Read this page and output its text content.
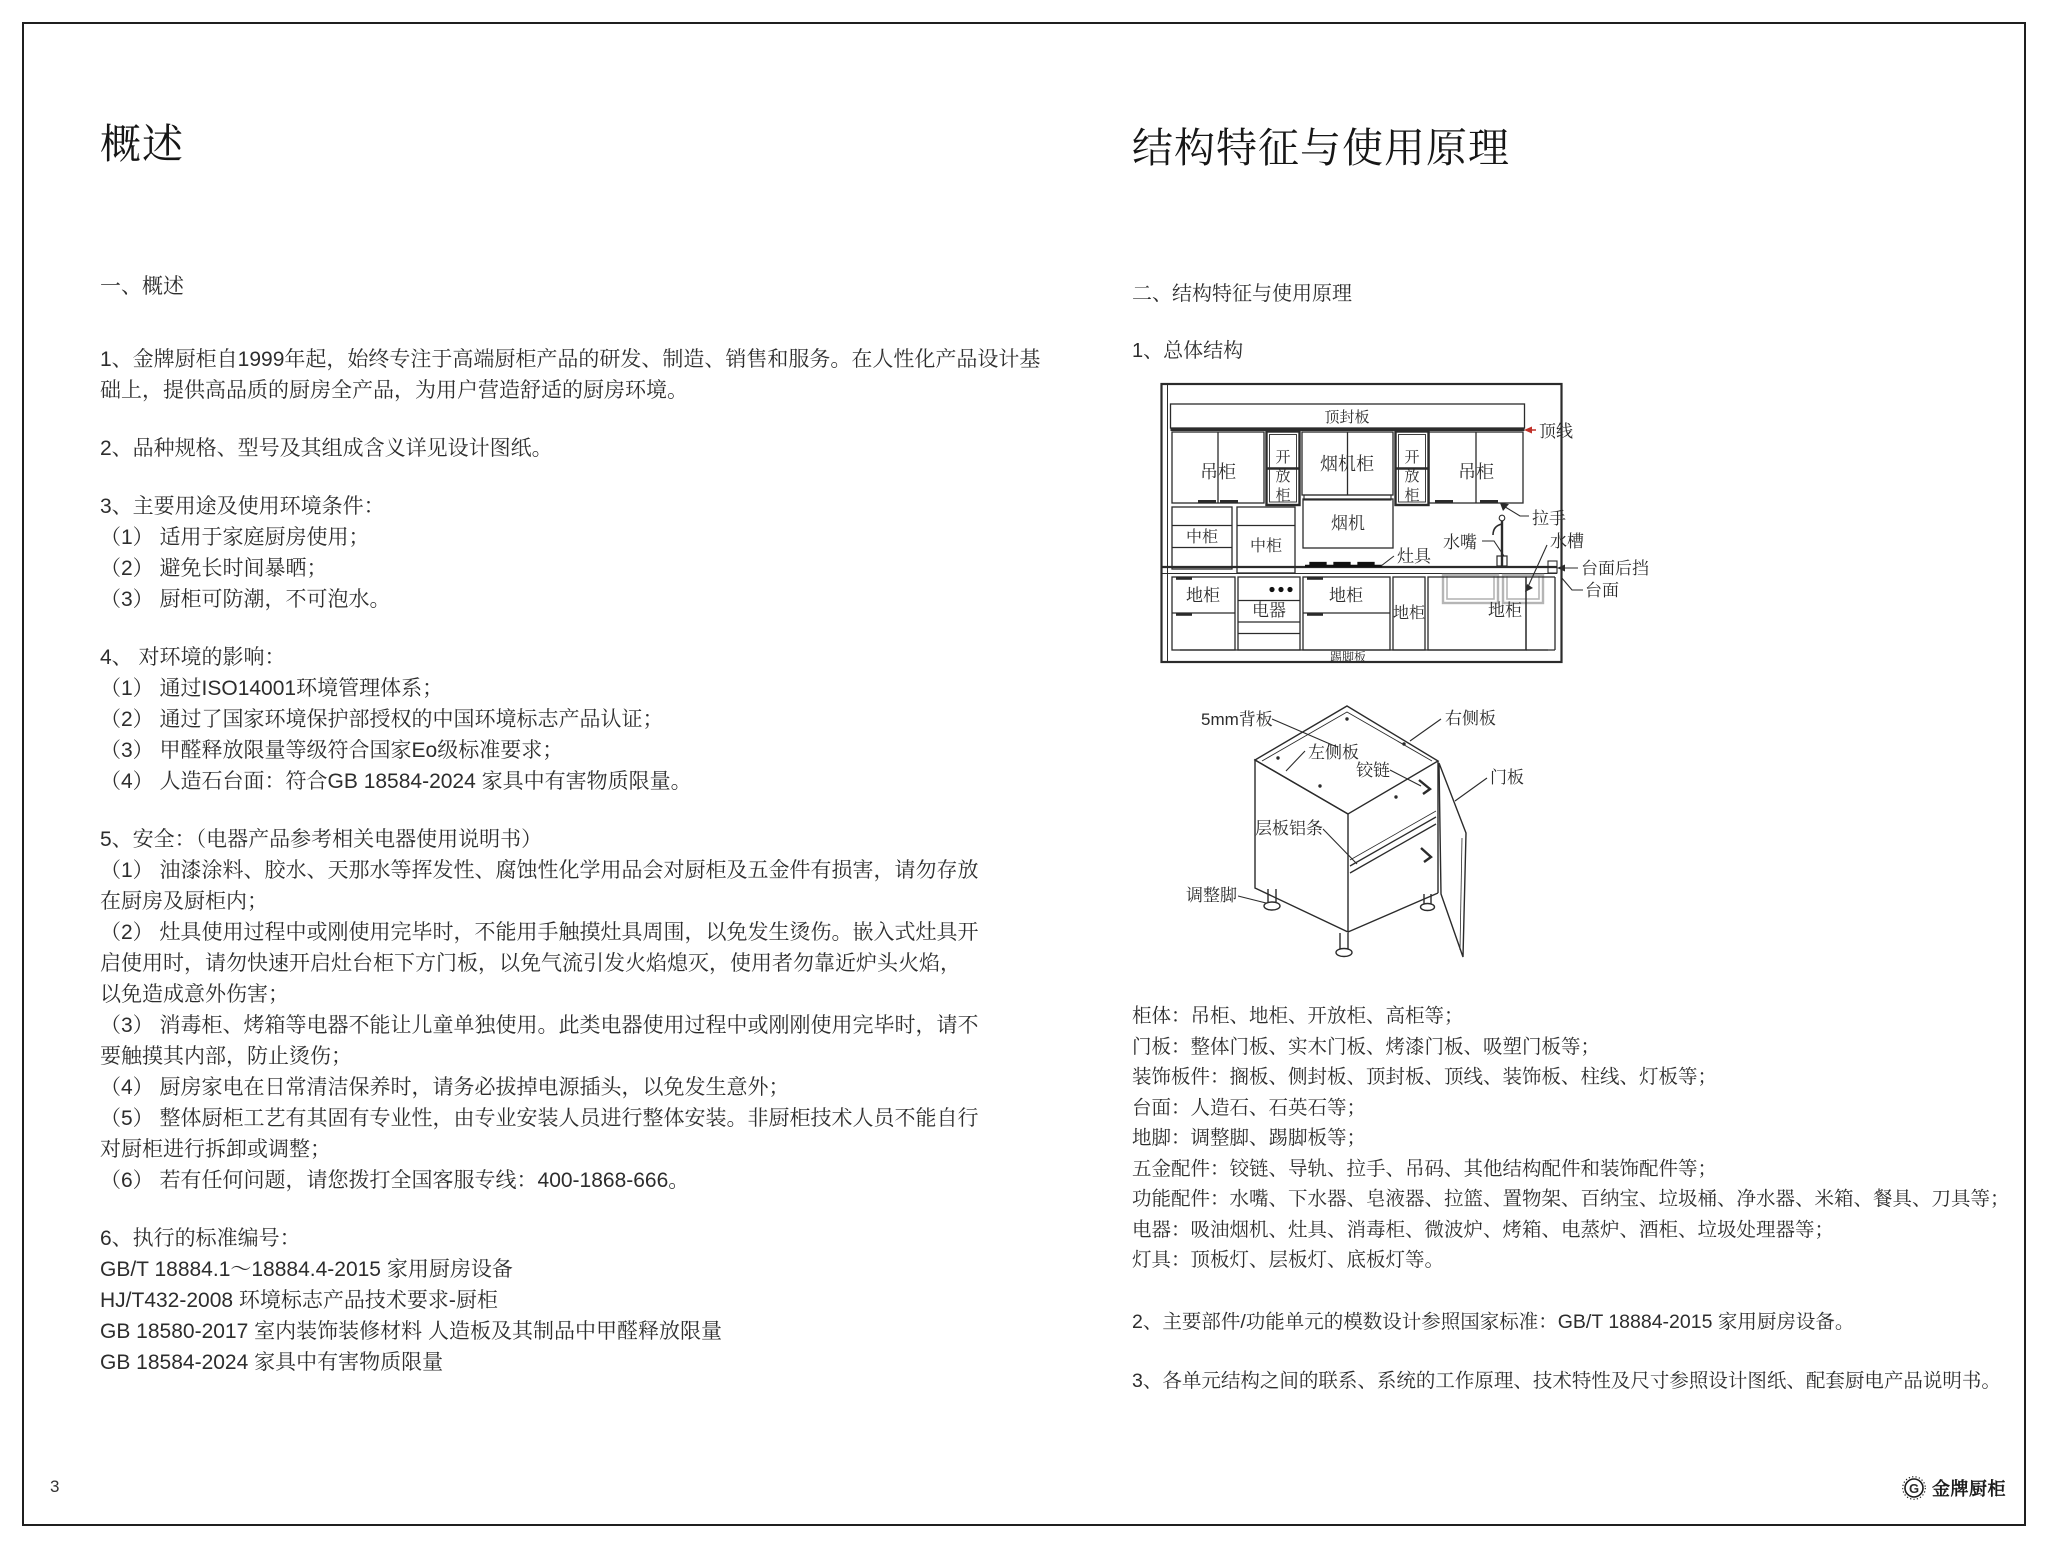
概述
一、概述
1、金牌厨柜自1999年起，始终专注于高端厨柜产品的研发、制造、销售和服务。在人性化产品设计基
础上，提供高品质的厨房全产品，为用户营造舒适的厨房环境。
2、品种规格、型号及其组成含义详见设计图纸。
3、主要用途及使用环境条件：
（1） 适用于家庭厨房使用；
（2） 避免长时间暴晒；
（3） 厨柜可防潮，不可泡水。
4、 对环境的影响：
（1） 通过ISO14001环境管理体系；
（2） 通过了国家环境保护部授权的中国环境标志产品认证；
（3） 甲醛释放限量等级符合国家Eo级标准要求；
（4） 人造石台面：符合GB 18584-2024 家具中有害物质限量。
5、安全：（电器产品参考相关电器使用说明书）
（1） 油漆涂料、胶水、天那水等挥发性、腐蚀性化学用品会对厨柜及五金件有损害，请勿存放
在厨房及厨柜内；
（2） 灶具使用过程中或刚使用完毕时，不能用手触摸灶具周围，以免发生烫伤。嵌入式灶具开
启使用时，请勿快速开启灶台柜下方门板，以免气流引发火焰熄灭，使用者勿靠近炉头火焰，
以免造成意外伤害；
（3） 消毒柜、烤箱等电器不能让儿童单独使用。此类电器使用过程中或刚刚使用完毕时，请不
要触摸其内部，防止烫伤；
（4） 厨房家电在日常清洁保养时，请务必拔掉电源插头，以免发生意外；
（5） 整体厨柜工艺有其固有专业性，由专业安装人员进行整体安装。非厨柜技术人员不能自行
对厨柜进行拆卸或调整；
（6） 若有任何问题，请您拨打全国客服专线：400-1868-666。
6、执行的标准编号：
GB/T 18884.1～18884.4-2015 家用厨房设备
HJ/T432-2008 环境标志产品技术要求-厨柜
GB 18580-2017 室内装饰装修材料 人造板及其制品中甲醛释放限量
GB 18584-2024 家具中有害物质限量
结构特征与使用原理
二、结构特征与使用原理
1、总体结构
顶封板
顶线
吊柜
开
放
柜
烟机柜 开
放
柜
吊柜
拉手
中柜
中柜
烟机
灶具
水嘴	水槽
台面后挡
台面
地柜
电器
地柜
地柜	地柜
踢脚板
5mm背板	右侧板
左侧板
铰链	门板
层板铝条
调整脚
柜体：吊柜、地柜、开放柜、高柜等；
门板：整体门板、实木门板、烤漆门板、吸塑门板等；
装饰板件：搁板、侧封板、顶封板、顶线、装饰板、柱线、灯板等；
台面：人造石、石英石等；
地脚：调整脚、踢脚板等；
五金配件：铰链、导轨、拉手、吊码、其他结构配件和装饰配件等；
功能配件：水嘴、下水器、皂液器、拉篮、置物架、百纳宝、垃圾桶、净水器、米箱、餐具、刀具等；
电器：吸油烟机、灶具、消毒柜、微波炉、烤箱、电蒸炉、酒柜、垃圾处理器等；
灯具：顶板灯、层板灯、底板灯等。
2、主要部件/功能单元的模数设计参照国家标准：GB/T 18884-2015 家用厨房设备。
3、各单元结构之间的联系、系统的工作原理、技术特性及尺寸参照设计图纸、配套厨电产品说明书。
3	G 金牌厨柜
